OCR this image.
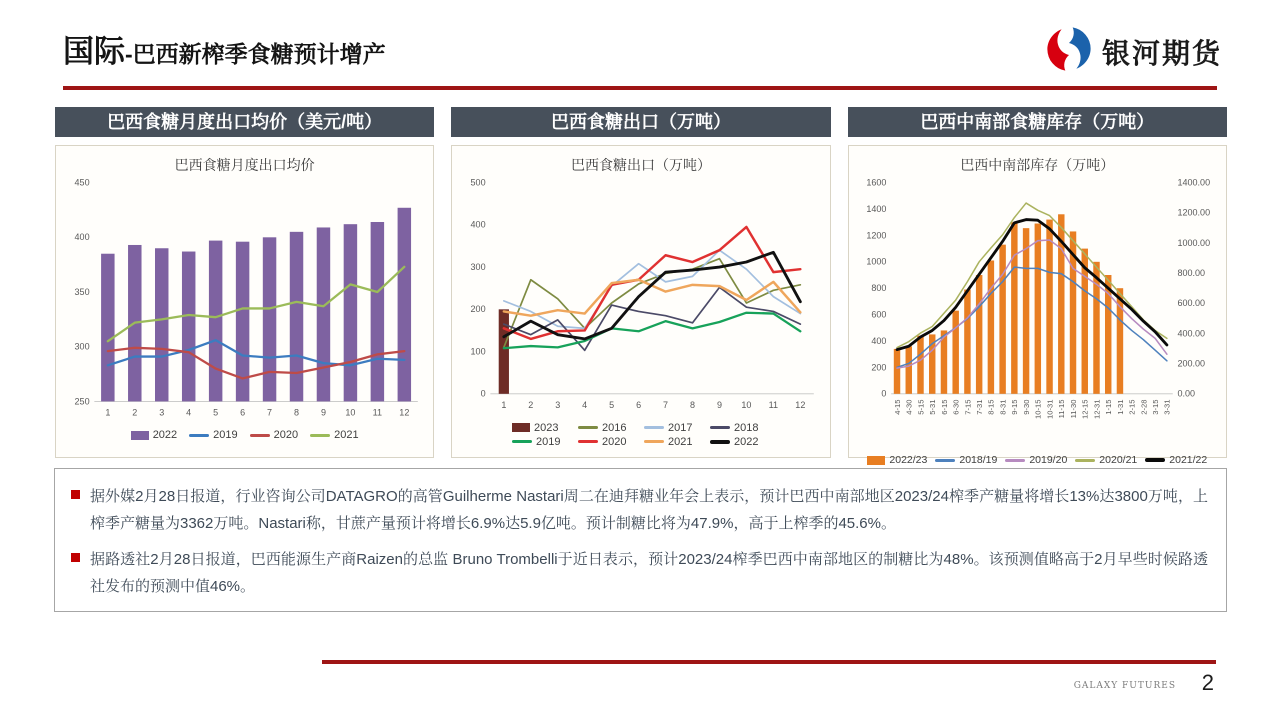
国际-巴西新榨季食糖预计增产	银河期货
巴西食糖月度出口均价（美元/吨）
巴西食糖月度出口均价
250
300
350
400
450
1 2 3 4 5 6 7 8 9 10 11 12
2022	2019	2020	2021
巴西食糖出口（万吨）
巴西食糖出口（万吨）
0
100
200
300
400
500
1 2 3 4 5 6 7 8 9 10 11 12
2023	2016	2017	2018
2019	2020	2021	2022
巴西中南部食糖库存（万吨）
巴西中南部库存（万吨）
0
200
400
600
800
1000
1200
1400
1600
0.00
200.00
400.00
600.00
800.00
1000.00
1200.00
1400.00
4-15 4-30 5-15 5-31 6-15 6-30 7-15 7-31 8-15 8-31 9-15 9-30 10-15 10-31 11-15 11-30 12-15 12-31 1-15 1-31 2-15 2-28 3-15 3-31
2022/23	2018/19	2019/20	2020/21	2021/22
据外媒2月28日报道，行业咨询公司DATAGRO的高管Guilherme Nastari周二在迪拜糖业年会上表示，预计巴西中南部地区2023/24榨季产糖量将增长13%达3800万吨，上榨季产糖量为3362万吨。Nastari称，甘蔗产量预计将增长6.9%达5.9亿吨。预计制糖比将为47.9%，高于上榨季的45.6%。
据路透社2月28日报道，巴西能源生产商Raizen的总监 Bruno Trombelli于近日表示，预计2023/24榨季巴西中南部地区的制糖比为48%。该预测值略高于2月早些时候路透社发布的预测中值46%。
GALAXY FUTURES 2
